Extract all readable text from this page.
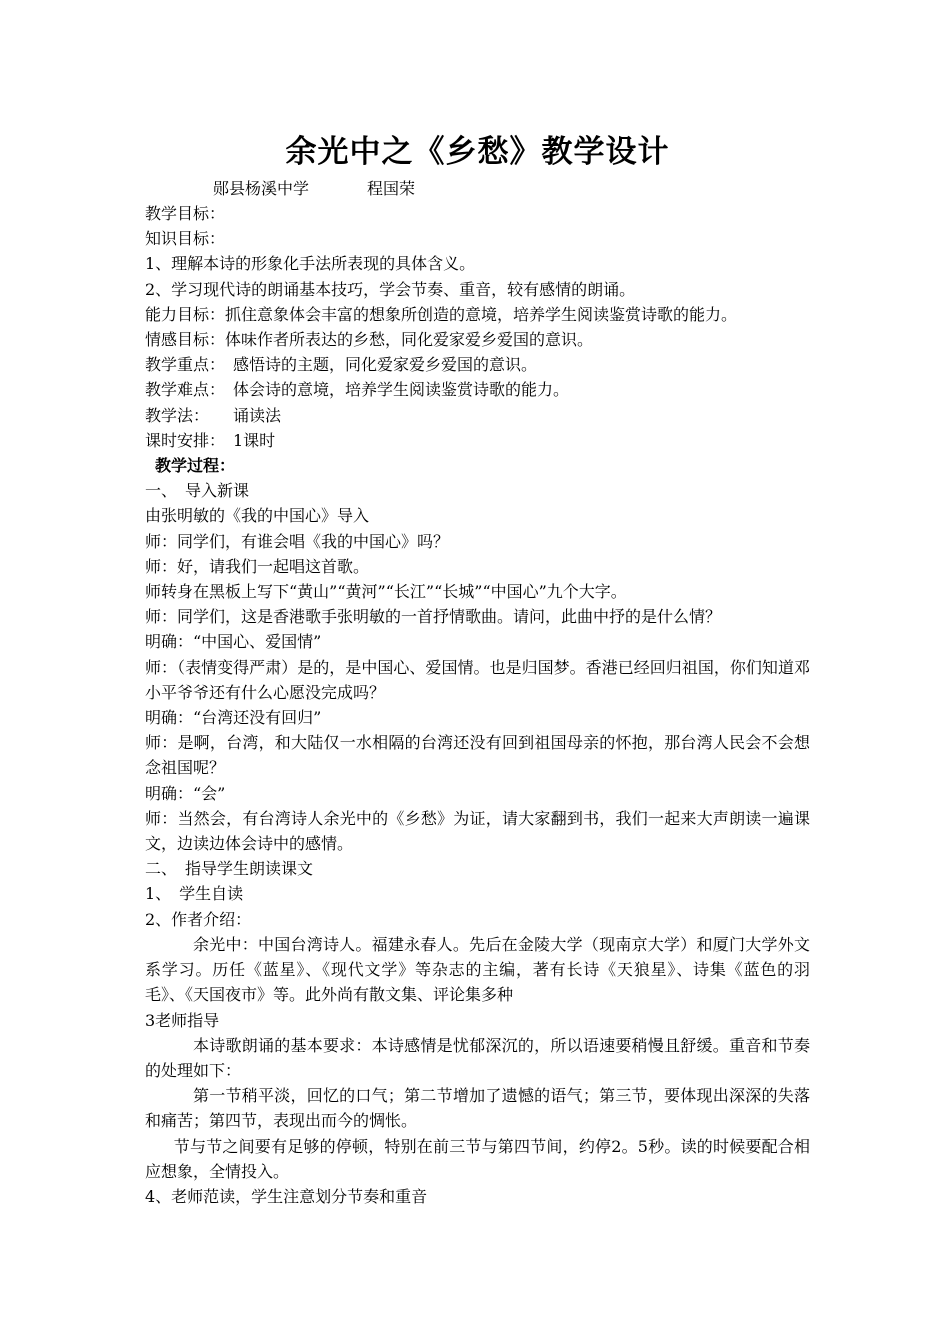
余光中之《乡愁》教学设计
郧县杨溪中学	程国荣

教学目标：

知识目标：

1、理解本诗的形象化手法所表现的具体含义。

2、学习现代诗的朗诵基本技巧，学会节奏、重音，较有感情的朗诵。

能力目标：抓住意象体会丰富的想象所创造的意境，培养学生阅读鉴赏诗歌的能力。

情感目标：体味作者所表达的乡愁，同化爱家爱乡爱国的意识。

教学重点：　感悟诗的主题，同化爱家爱乡爱国的意识。

教学难点：　体会诗的意境，培养学生阅读鉴赏诗歌的能力。

教学法：　　诵读法

课时安排：　1课时

教学过程：

一、　导入新课

由张明敏的《我的中国心》导入

师：同学们，有谁会唱《我的中国心》吗？

师：好，请我们一起唱这首歌。

师转身在黑板上写下“黄山”“黄河”“长江”“长城”“中国心”九个大字。

师：同学们，这是香港歌手张明敏的一首抒情歌曲。请问，此曲中抒的是什么情？

明确：“中国心、爱国情”

师：（表情变得严肃）是的，是中国心、爱国情。也是归国梦。香港已经回归祖国，你们知道邓小平爷爷还有什么心愿没完成吗？

明确：“台湾还没有回归”

师：是啊，台湾，和大陆仅一水相隔的台湾还没有回到祖国母亲的怀抱，那台湾人民会不会想念祖国呢？

明确：“会”

师：当然会，有台湾诗人余光中的《乡愁》为证，请大家翻到书，我们一起来大声朗读一遍课文，边读边体会诗中的感情。

二、　指导学生朗读课文

1、　学生自读

2、作者介绍：

余光中：中国台湾诗人。福建永春人。先后在金陵大学（现南京大学）和厦门大学外文系学习。历任《蓝星》、《现代文学》等杂志的主编，著有长诗《天狼星》、诗集《蓝色的羽毛》、《天国夜市》等。此外尚有散文集、评论集多种

3老师指导

本诗歌朗诵的基本要求：本诗感情是忧郁深沉的，所以语速要稍慢且舒缓。重音和节奏的处理如下：

第一节稍平淡，回忆的口气；第二节增加了遗憾的语气；第三节，要体现出深深的失落和痛苦；第四节，表现出而今的惆怅。

节与节之间要有足够的停顿，特别在前三节与第四节间，约停2。5秒。读的时候要配合相应想象，全情投入。

4、老师范读，学生注意划分节奏和重音
